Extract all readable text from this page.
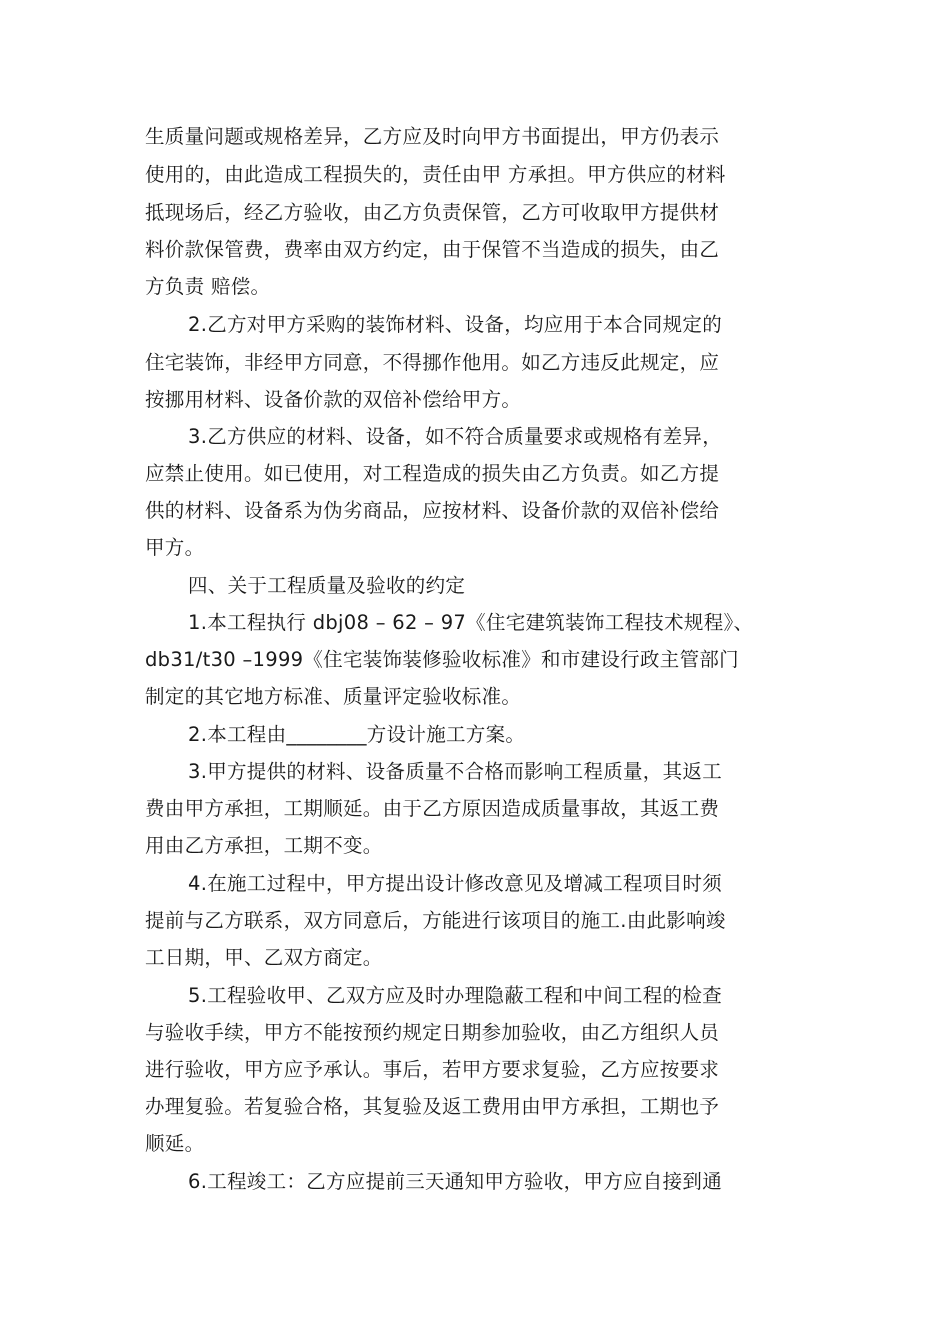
生质量问题或规格差异，乙方应及时向甲方书面提出，甲方仍表示
使用的，由此造成工程损失的，责任由甲 方承担。甲方供应的材料
抵现场后，经乙方验收，由乙方负责保管，乙方可收取甲方提供材
料价款保管费，费率由双方约定，由于保管不当造成的损失，由乙
方负责 赔偿。
2.乙方对甲方采购的装饰材料、设备，均应用于本合同规定的
住宅装饰，非经甲方同意，不得挪作他用。如乙方违反此规定，应
按挪用材料、设备价款的双倍补偿给甲方。
3.乙方供应的材料、设备，如不符合质量要求或规格有差异，
应禁止使用。如已使用，对工程造成的损失由乙方负责。如乙方提
供的材料、设备系为伪劣商品，应按材料、设备价款的双倍补偿给
甲方。
四、关于工程质量及验收的约定
1.本工程执行 dbj08 – 62 – 97《住宅建筑装饰工程技术规程》、
db31/t30 –1999《住宅装饰装修验收标准》和市建设行政主管部门
制定的其它地方标准、质量评定验收标准。
2.本工程由________方设计施工方案。
3.甲方提供的材料、设备质量不合格而影响工程质量，其返工
费由甲方承担，工期顺延。由于乙方原因造成质量事故，其返工费
用由乙方承担，工期不变。
4.在施工过程中，甲方提出设计修改意见及增减工程项目时须
提前与乙方联系，双方同意后，方能进行该项目的施工.由此影响竣
工日期，甲、乙双方商定。
5.工程验收甲、乙双方应及时办理隐蔽工程和中间工程的检查
与验收手续，甲方不能按预约规定日期参加验收，由乙方组织人员
进行验收，甲方应予承认。事后，若甲方要求复验，乙方应按要求
办理复验。若复验合格，其复验及返工费用由甲方承担，工期也予
顺延。
6.工程竣工：乙方应提前三天通知甲方验收，甲方应自接到通
